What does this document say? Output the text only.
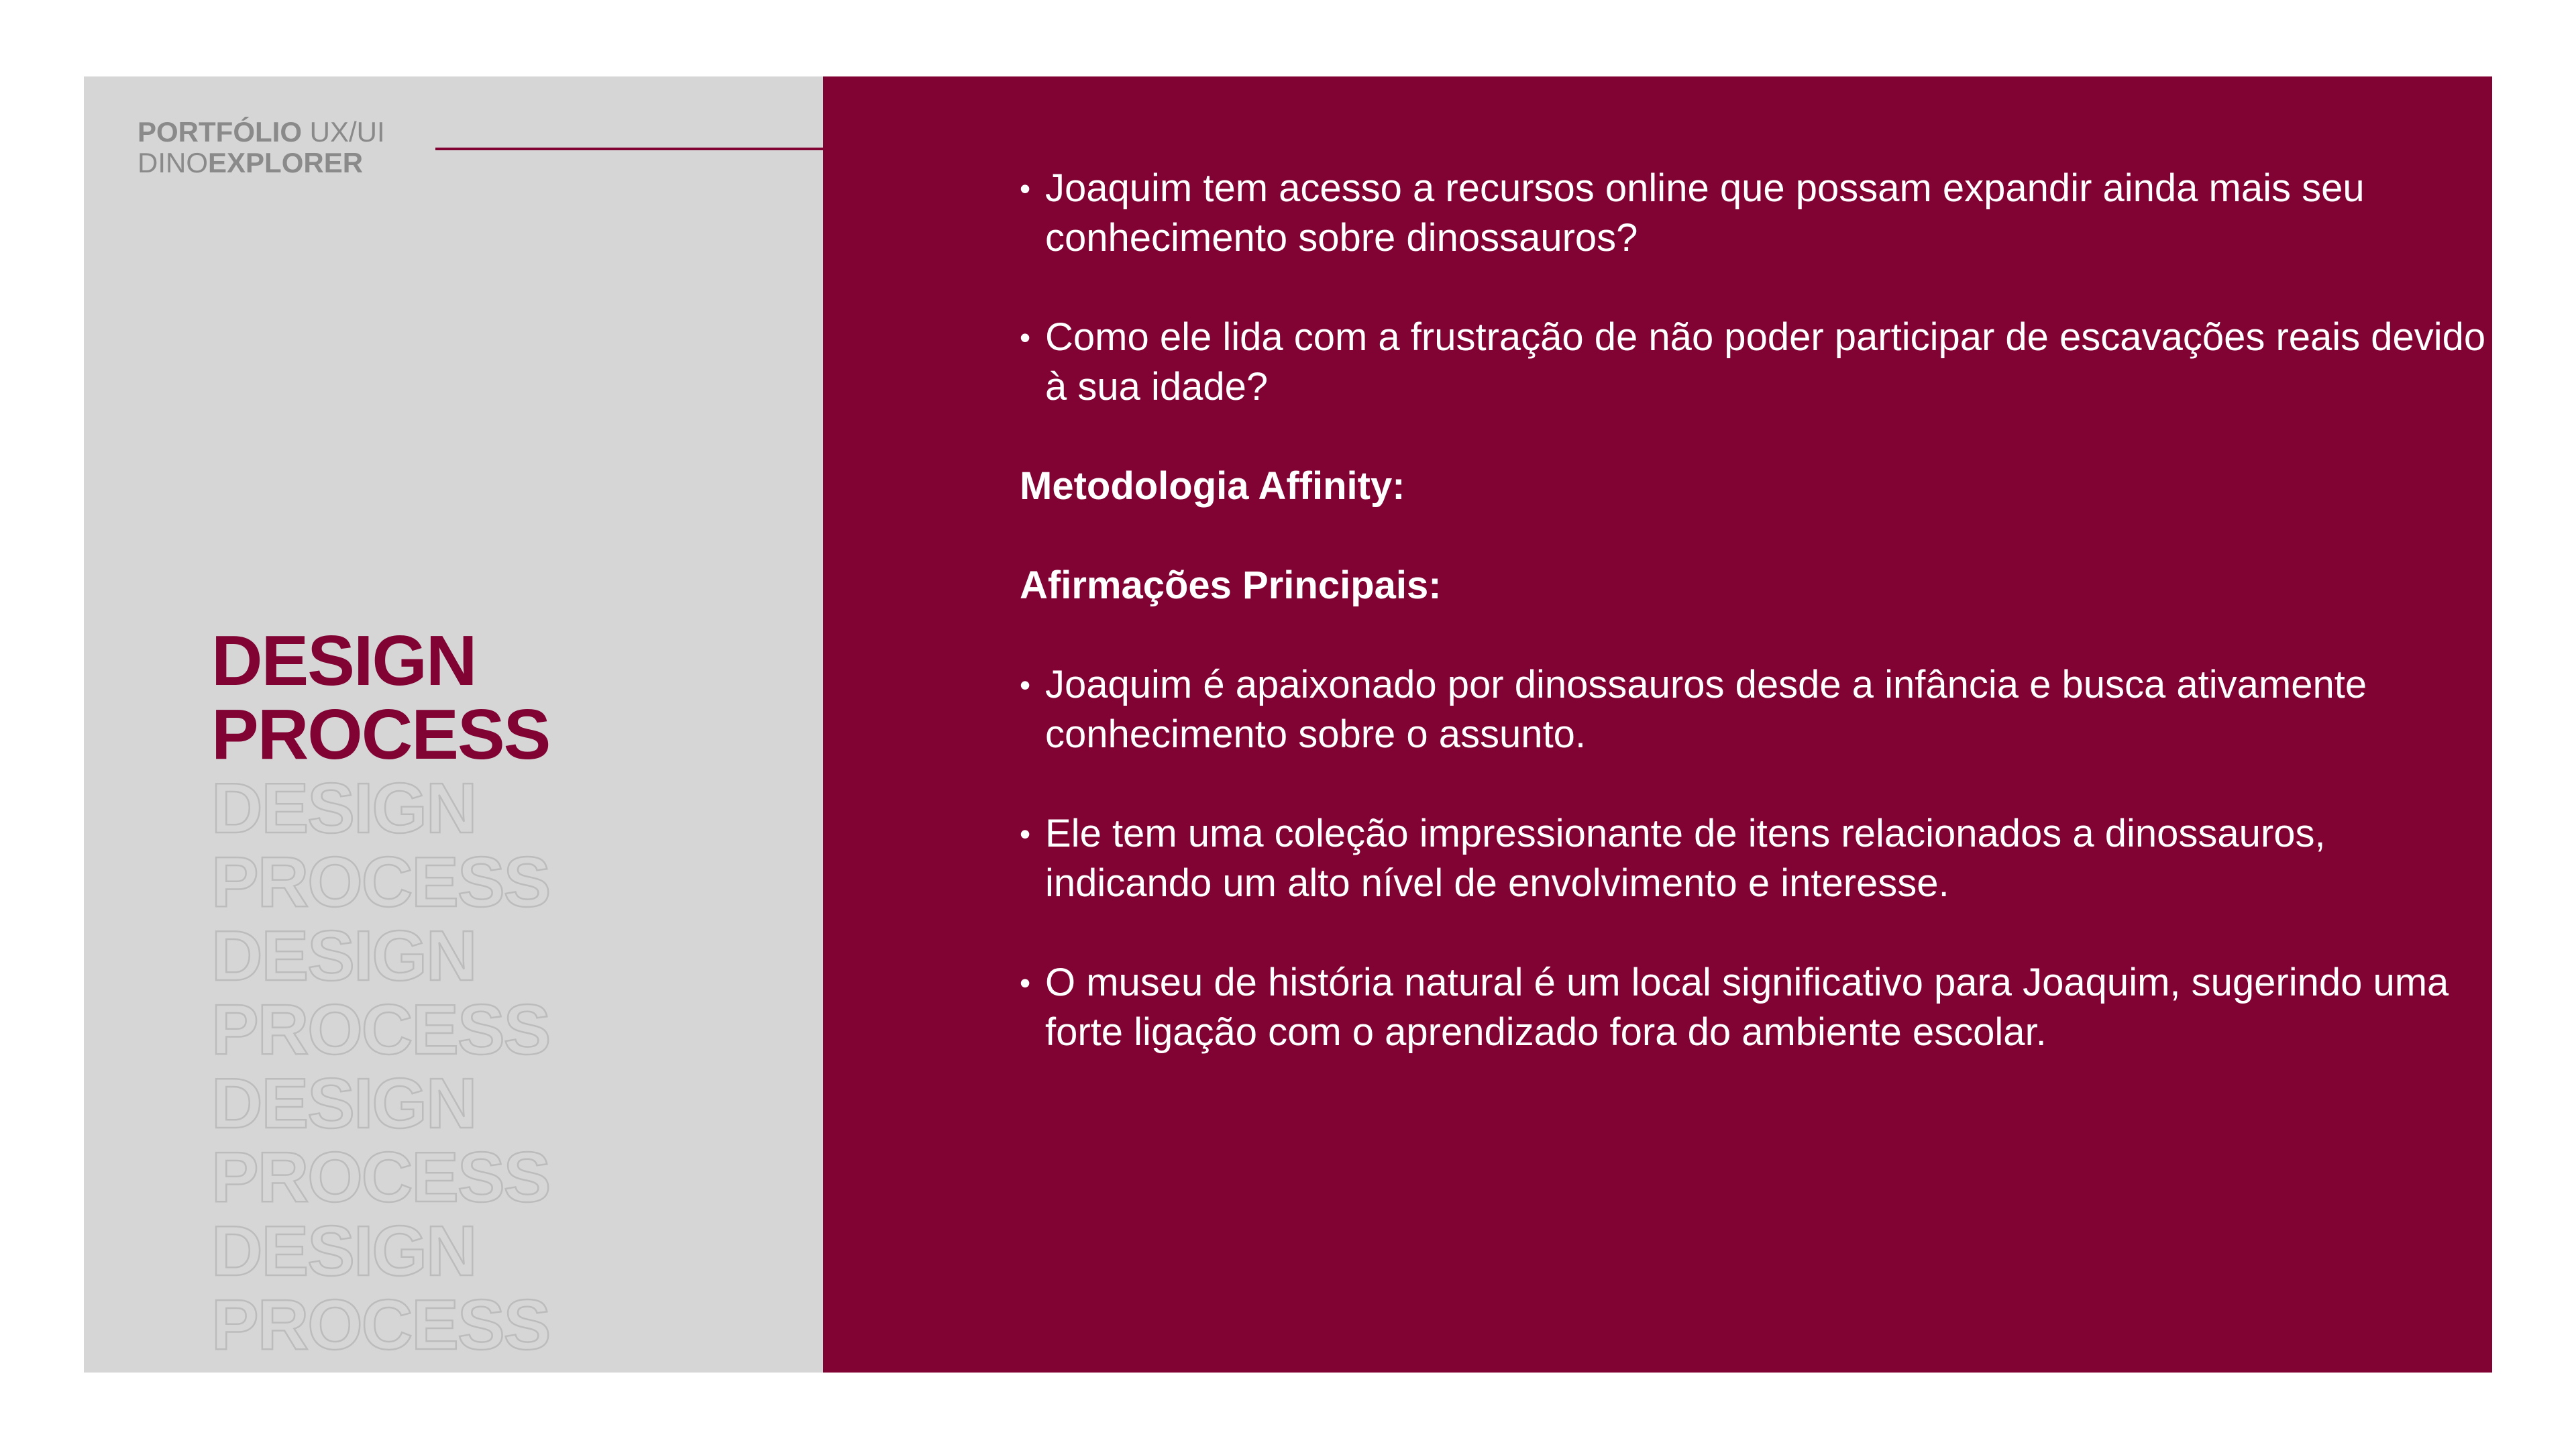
PORTFÓLIO UX/UI
DINOEXPLORER
DESIGN
PROCESS
DESIGN
PROCESS
DESIGN
PROCESS
DESIGN
PROCESS
DESIGN
PROCESS

• Joaquim tem acesso a recursos online que possam expandir ainda mais seu conhecimento sobre dinossauros?

• Como ele lida com a frustração de não poder participar de escavações reais devido à sua idade?

Metodologia Affinity:

Afirmações Principais:

• Joaquim é apaixonado por dinossauros desde a infância e busca ativamente conhecimento sobre o assunto.

• Ele tem uma coleção impressionante de itens relacionados a dinossauros, indicando um alto nível de envolvimento e interesse.

• O museu de história natural é um local significativo para Joaquim, sugerindo uma forte ligação com o aprendizado fora do ambiente escolar.
